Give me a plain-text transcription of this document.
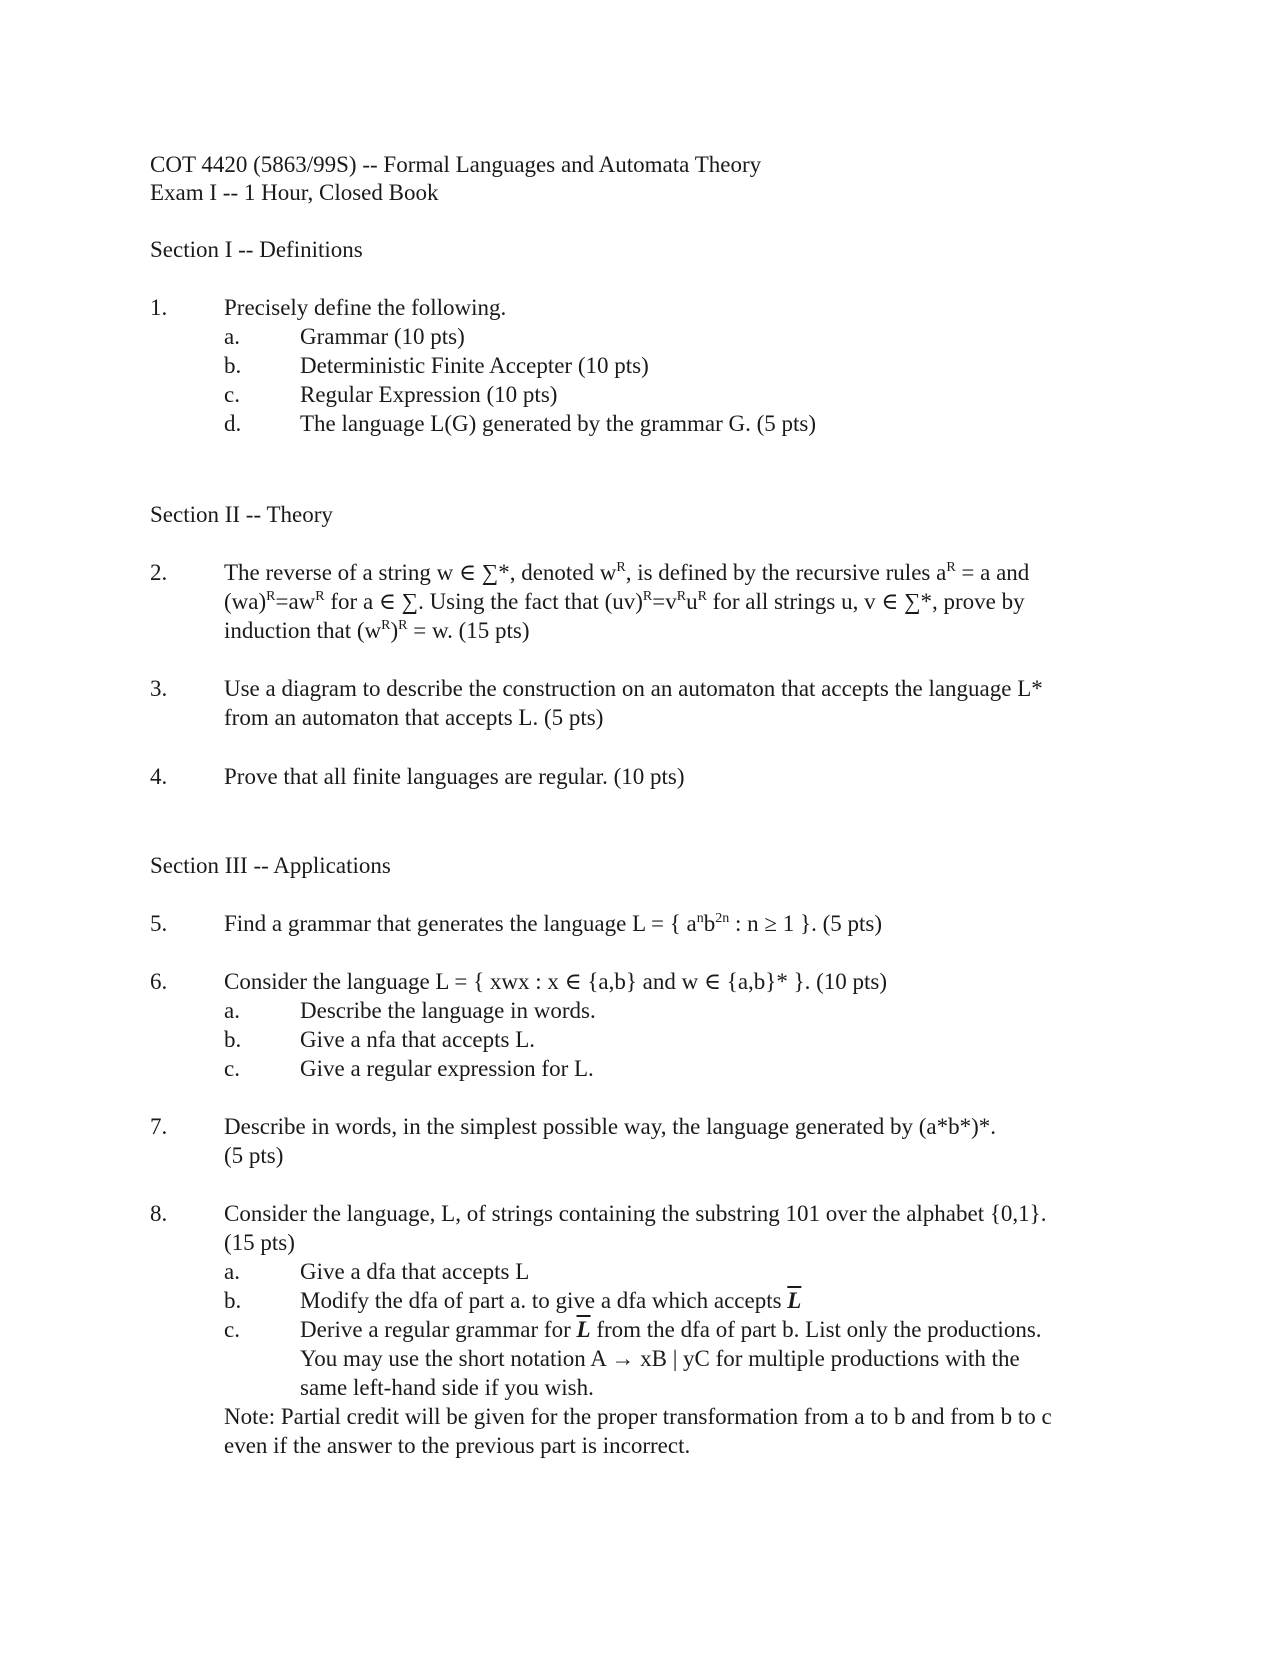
COT 4420 (5863/99S) -- Formal Languages and Automata Theory
Exam I -- 1 Hour, Closed Book
Section I -- Definitions
1. Precisely define the following.
a.	Grammar (10 pts)
b.	Deterministic Finite Accepter (10 pts)
c.	Regular Expression (10 pts)
d.	The language L(G) generated by the grammar G. (5 pts)
Section II -- Theory
2. The reverse of a string w ∈ ∑*, denoted $w^R$, is defined by the recursive rules $a^R = a$ and
$(wa)^R=aw^R$ for a ∈ ∑. Using the fact that $(uv)^R=v^Ru^R$ for all strings u, v ∈ ∑*, prove by
induction that $(w^R)^R = w$. (15 pts)
3. Use a diagram to describe the construction on an automaton that accepts the language L*
from an automaton that accepts L. (5 pts)
4. Prove that all finite languages are regular. (10 pts)
Section III -- Applications
5. Find a grammar that generates the language L = { $a^nb^{2n}$ : n ≥ 1 }. (5 pts)
6. Consider the language L = { xwx : x ∈ {a,b} and w ∈ {a,b}* }. (10 pts)
a.	Describe the language in words.
b.	Give a nfa that accepts L.
c.	Give a regular expression for L.
7. Describe in words, in the simplest possible way, the language generated by (a*b*)*.
(5 pts)
8. Consider the language, L, of strings containing the substring 101 over the alphabet {0,1}.
(15 pts)
a.	Give a dfa that accepts L
b.	Modify the dfa of part a. to give a dfa which accepts $\overline{L}$
c.	Derive a regular grammar for $\overline{L}$ from the dfa of part b. List only the productions.
You may use the short notation A → xB | yC for multiple productions with the
same left-hand side if you wish.
Note: Partial credit will be given for the proper transformation from a to b and from b to c
even if the answer to the previous part is incorrect.
